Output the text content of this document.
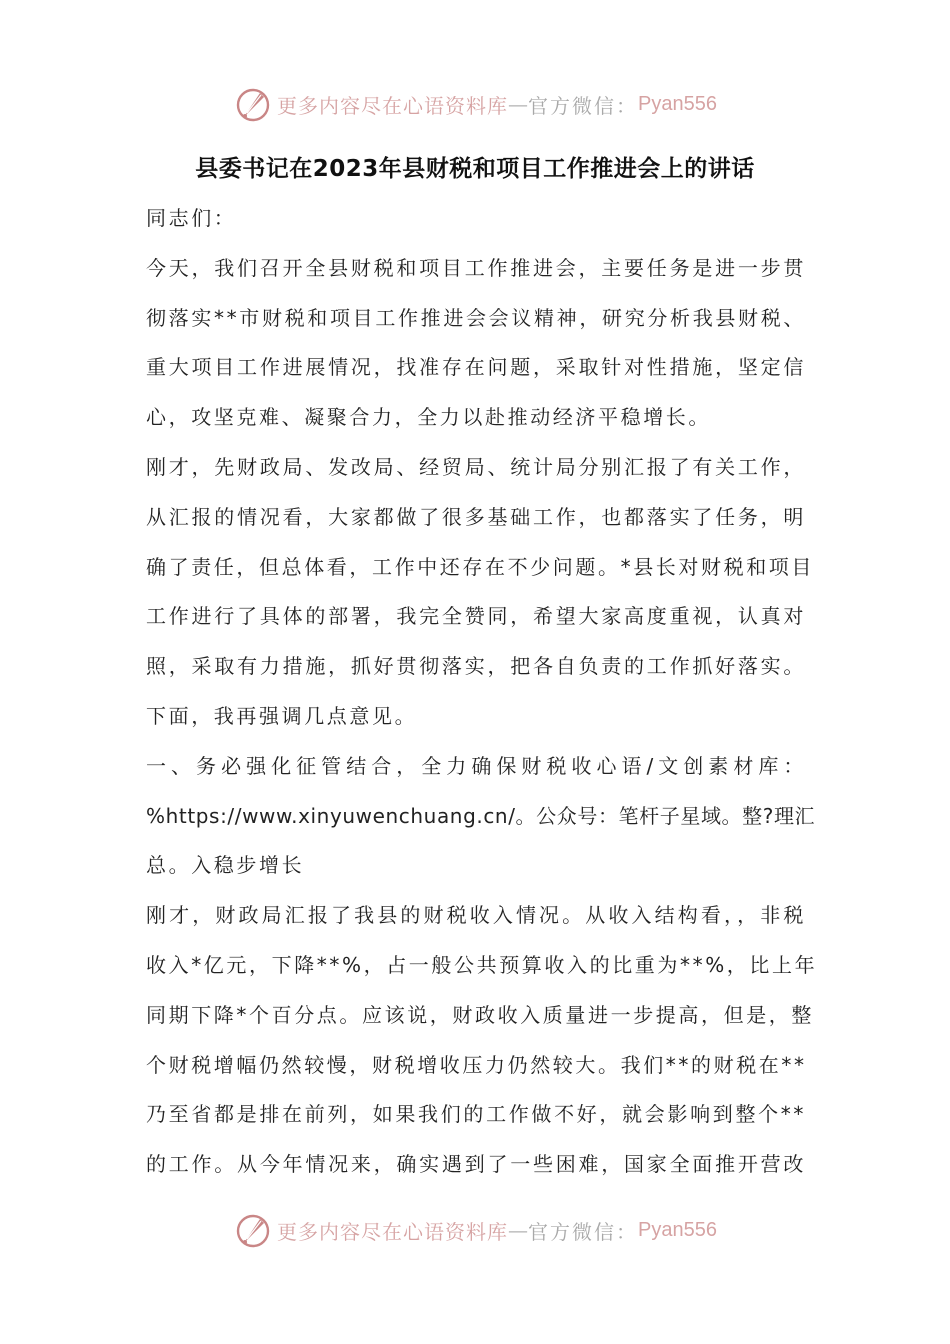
更多内容尽在心语资料库 — 官方微信： Pyan556
县委书记在2023年县财税和项目工作推进会上的讲话
同志们：
今天，我们召开全县财税和项目工作推进会，主要任务是进一步贯
彻落实**市财税和项目工作推进会会议精神，研究分析我县财税、
重大项目工作进展情况，找准存在问题，采取针对性措施，坚定信
心，攻坚克难、凝聚合力，全力以赴推动经济平稳增长。
刚才，先财政局、发改局、经贸局、统计局分别汇报了有关工作，
从汇报的情况看，大家都做了很多基础工作，也都落实了任务，明
确了责任，但总体看，工作中还存在不少问题。*县长对财税和项目
工作进行了具体的部署，我完全赞同，希望大家高度重视，认真对
照，采取有力措施，抓好贯彻落实，把各自负责的工作抓好落实。
下面，我再强调几点意见。
一、务必强化征管结合，全力确保财税收心语/文创素材库：
%https://www.xinyuwenchuang.cn/。公众号：笔杆子星域。整?理汇
总。入稳步增长
刚才，财政局汇报了我县的财税收入情况。从收入结构看，，非税
收入*亿元，下降**%，占一般公共预算收入的比重为**%，比上年
同期下降*个百分点。应该说，财政收入质量进一步提高，但是，整
个财税增幅仍然较慢，财税增收压力仍然较大。我们**的财税在**
乃至省都是排在前列，如果我们的工作做不好，就会影响到整个**
的工作。从今年情况来，确实遇到了一些困难，国家全面推开营改
更多内容尽在心语资料库 — 官方微信： Pyan556
